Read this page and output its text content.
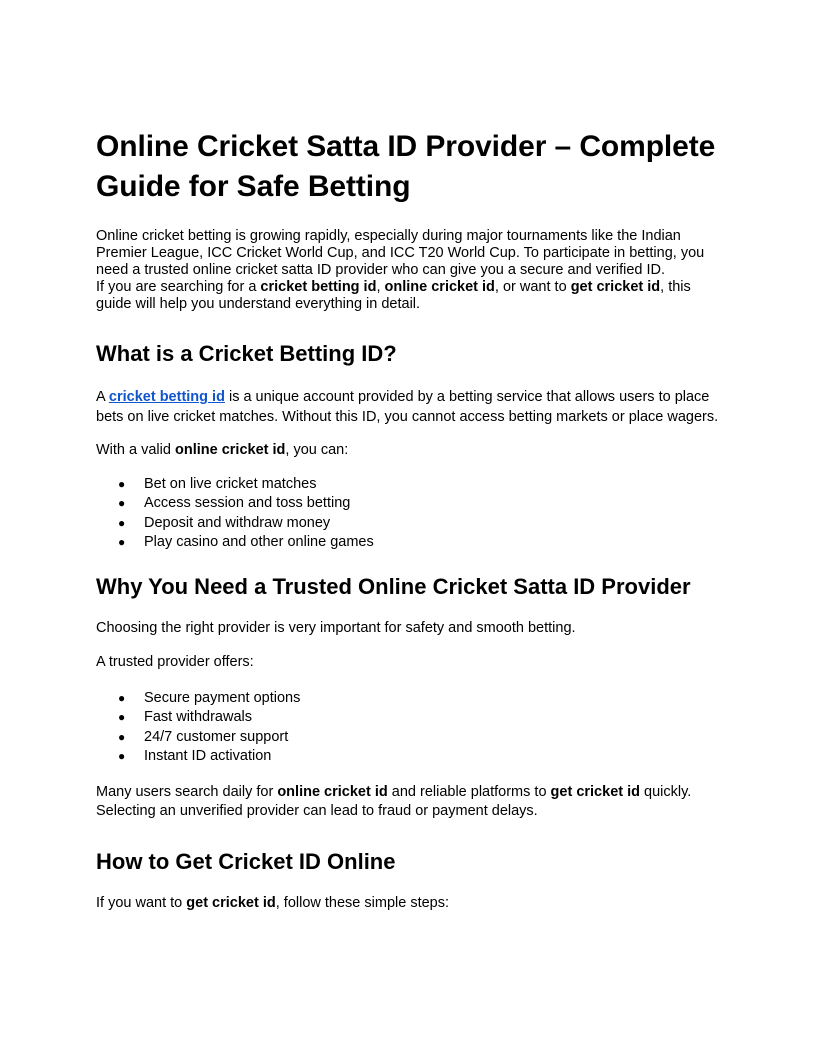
Online Cricket Satta ID Provider – Complete Guide for Safe Betting

Online cricket betting is growing rapidly, especially during major tournaments like the Indian Premier League, ICC Cricket World Cup, and ICC T20 World Cup. To participate in betting, you need a trusted online cricket satta ID provider who can give you a secure and verified ID.
If you are searching for a cricket betting id, online cricket id, or want to get cricket id, this guide will help you understand everything in detail.

What is a Cricket Betting ID?

A cricket betting id is a unique account provided by a betting service that allows users to place bets on live cricket matches. Without this ID, you cannot access betting markets or place wagers.

With a valid online cricket id, you can:

● Bet on live cricket matches
● Access session and toss betting
● Deposit and withdraw money
● Play casino and other online games
Why You Need a Trusted Online Cricket Satta ID Provider

Choosing the right provider is very important for safety and smooth betting.

A trusted provider offers:

● Secure payment options
● Fast withdrawals
● 24/7 customer support
● Instant ID activation

Many users search daily for online cricket id and reliable platforms to get cricket id quickly. Selecting an unverified provider can lead to fraud or payment delays.

How to Get Cricket ID Online

If you want to get cricket id, follow these simple steps:
